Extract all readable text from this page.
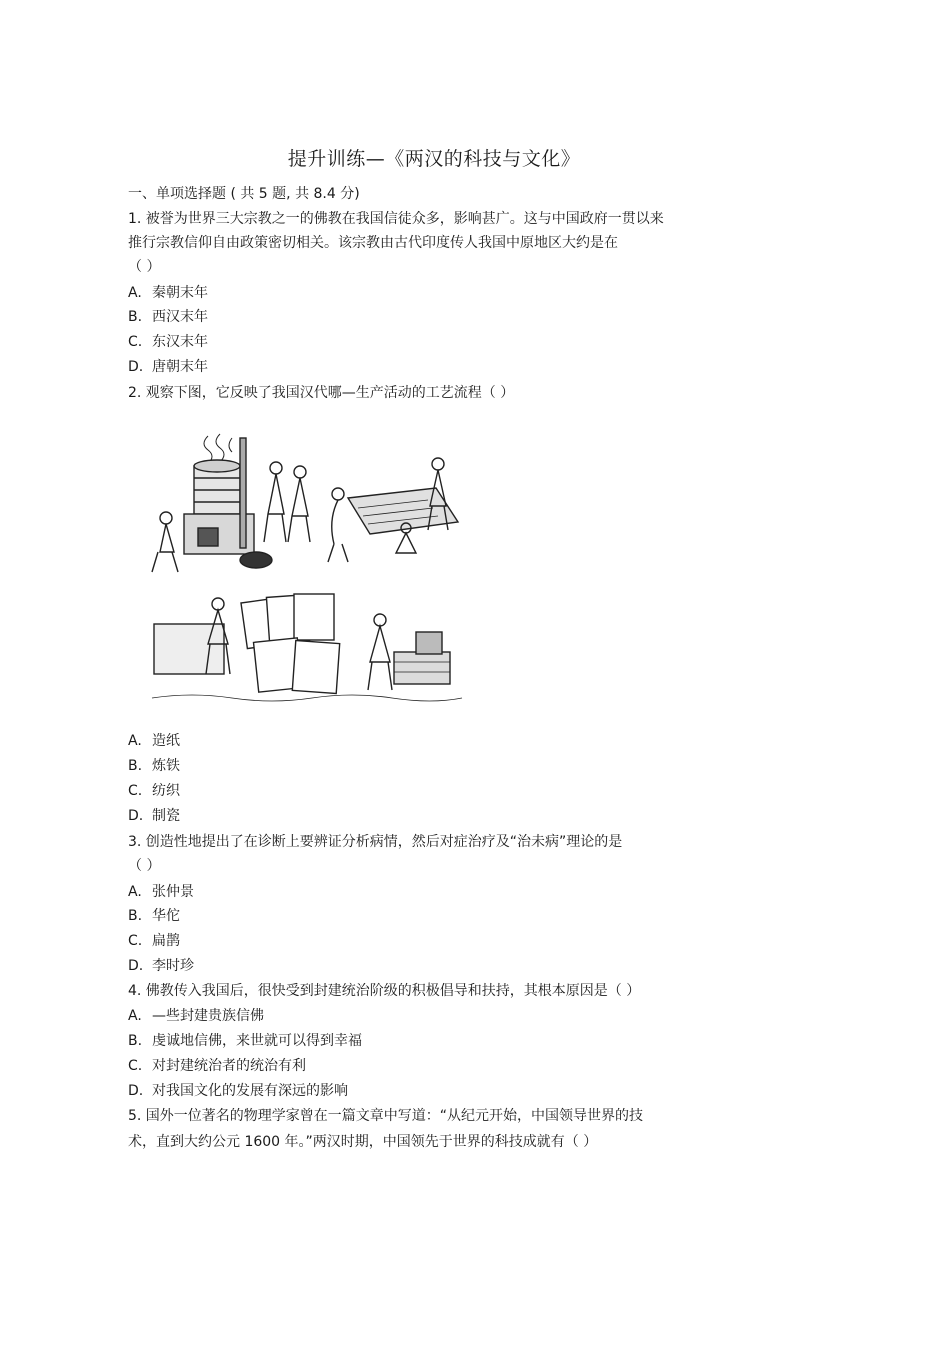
提升训练—《两汉的科技与文化》
一、单项选择题 ( 共 5 题, 共 8.4 分)
1. 被誉为世界三大宗教之一的佛教在我国信徒众多，影响甚广。这与中国政府一贯以来
推行宗教信仰自由政策密切相关。该宗教由古代印度传人我国中原地区大约是在
（ ）
A. 秦朝末年
B. 西汉末年
C. 东汉末年
D. 唐朝末年
2. 观察下图，它反映了我国汉代哪—生产活动的工艺流程（ ）
A. 造纸
B. 炼铁
C. 纺织
D. 制瓷
3. 创造性地提出了在诊断上要辨证分析病情，然后对症治疗及“治未病”理论的是
（ ）
A. 张仲景
B. 华佗
C. 扁鹊
D. 李时珍
4. 佛教传入我国后，很快受到封建统治阶级的积极倡导和扶持，其根本原因是（ ）
A. —些封建贵族信佛
B. 虔诚地信佛，来世就可以得到幸福
C. 对封建统治者的统治有利
D. 对我国文化的发展有深远的影响
5. 国外一位著名的物理学家曾在一篇文章中写道：“从纪元开始，中国领导世界的技
术，直到大约公元 1600 年。”两汉时期，中国领先于世界的科技成就有（ ）
